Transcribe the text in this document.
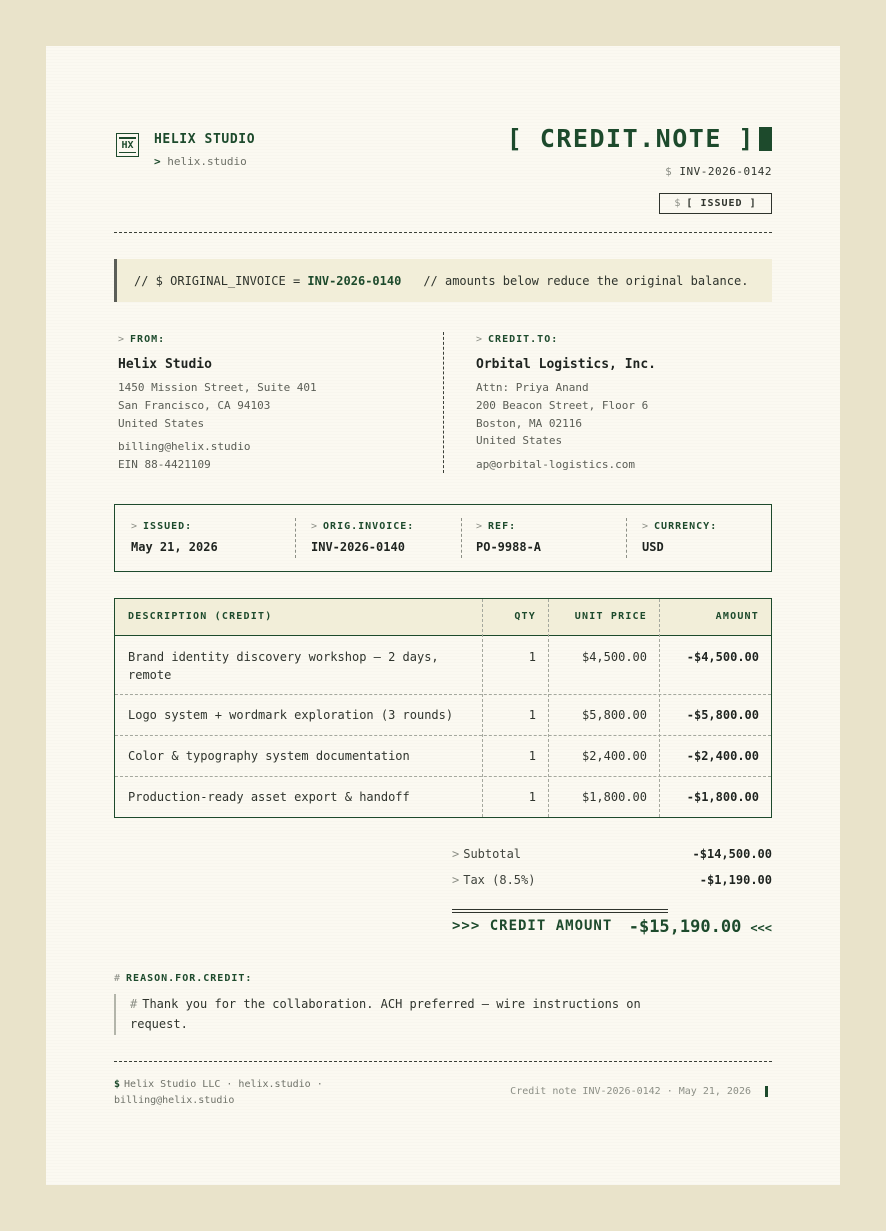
HX HELIX STUDIO
> helix.studio
[ CREDIT.NOTE ]
$ INV-2026-0142
$ [ ISSUED ]
// $ ORIGINAL_INVOICE = INV-2026-0140 // amounts below reduce the original balance.
> FROM:
Helix Studio
1450 Mission Street, Suite 401
San Francisco, CA 94103
United States
billing@helix.studio
EIN 88-4421109
> CREDIT.TO:
Orbital Logistics, Inc.
Attn: Priya Anand
200 Beacon Street, Floor 6
Boston, MA 02116
United States
ap@orbital-logistics.com
> ISSUED:
May 21, 2026
> ORIG.INVOICE:
INV-2026-0140
> REF:
PO-9988-A
> CURRENCY:
USD
DESCRIPTION (CREDIT)	QTY	UNIT PRICE	AMOUNT
Brand identity discovery workshop — 2 days,
remote
1	$4,500.00	-$4,500.00
Logo system + wordmark exploration (3 rounds)	1	$5,800.00	-$5,800.00
Color & typography system documentation	1	$2,400.00	-$2,400.00
Production-ready asset export & handoff	1	$1,800.00	-$1,800.00
> Subtotal	-$14,500.00
> Tax (8.5%)	-$1,190.00
>>> CREDIT AMOUNT -$15,190.00 <<<
# REASON.FOR.CREDIT:
# Thank you for the collaboration. ACH preferred — wire instructions on
request.
$ Helix Studio LLC · helix.studio ·
billing@helix.studio
Credit note INV-2026-0142 · May 21, 2026
